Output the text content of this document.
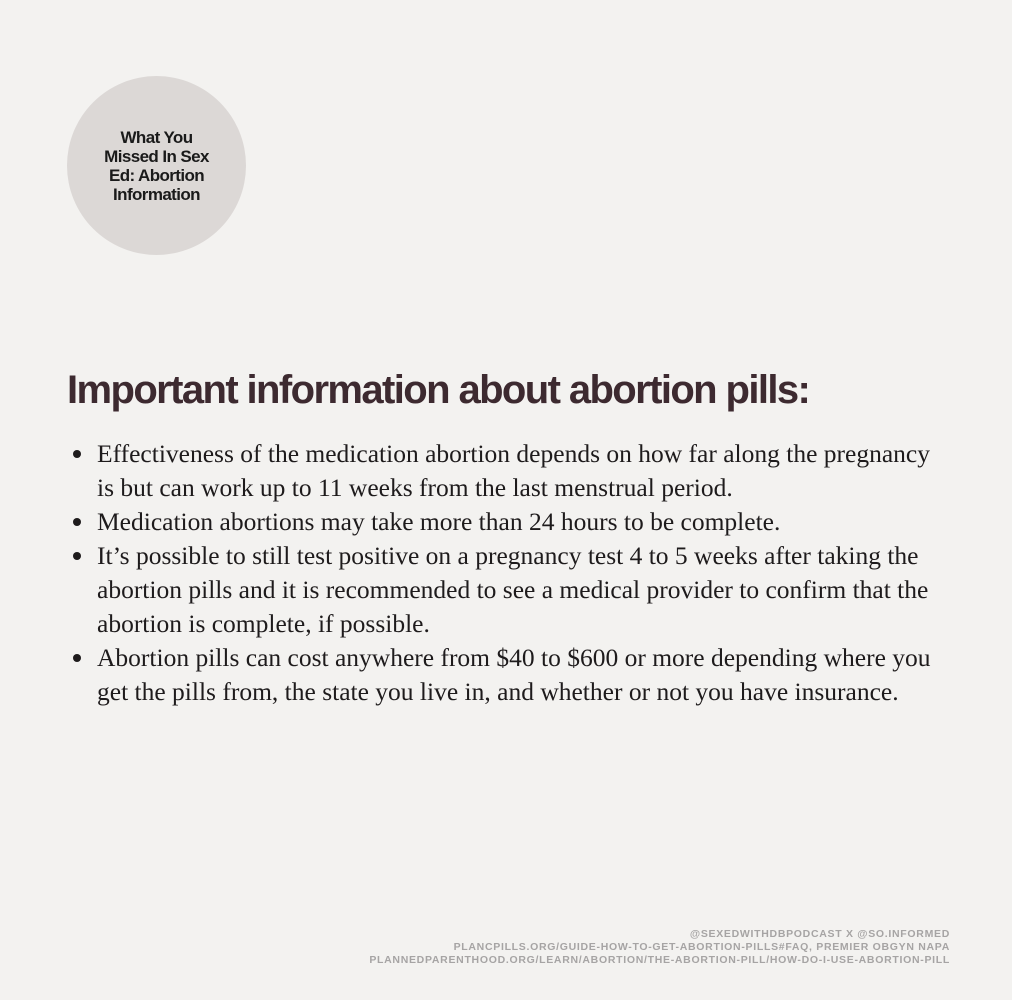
What You
Missed In Sex
Ed: Abortion
Information
Important information about abortion pills:
Effectiveness of the medication abortion depends on how far along the pregnancy is but can work up to 11 weeks from the last menstrual period.
Medication abortions may take more than 24 hours to be complete.
It’s possible to still test positive on a pregnancy test 4 to 5 weeks after taking the abortion pills and it is recommended to see a medical provider to confirm that the abortion is complete, if possible.
Abortion pills can cost anywhere from $40 to $600 or more depending where you get the pills from, the state you live in, and whether or not you have insurance.
@SEXEDWITHDBPODCAST X @SO.INFORMED
PLANCPILLS.ORG/GUIDE-HOW-TO-GET-ABORTION-PILLS#FAQ, PREMIER OBGYN NAPA
PLANNEDPARENTHOOD.ORG/LEARN/ABORTION/THE-ABORTION-PILL/HOW-DO-I-USE-ABORTION-PILL
